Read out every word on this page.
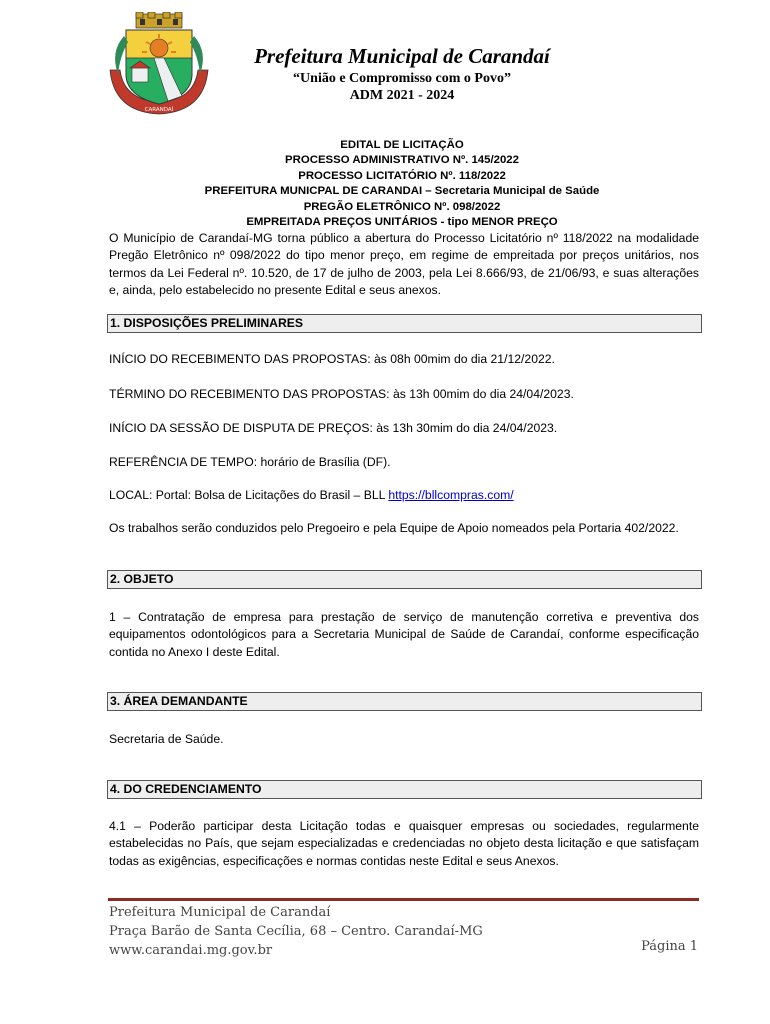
CARANDAÍ
Prefeitura Municipal de Carandaí
“União e Compromisso com o Povo”
ADM 2021 - 2024
EDITAL DE LICITAÇÃO
PROCESSO ADMINISTRATIVO Nº. 145/2022
PROCESSO LICITATÓRIO Nº. 118/2022
PREFEITURA MUNICPAL DE CARANDAI – Secretaria Municipal de Saúde
PREGÃO ELETRÔNICO Nº. 098/2022
EMPREITADA PREÇOS UNITÁRIOS - tipo MENOR PREÇO
O Município de Carandaí-MG torna público a abertura do Processo Licitatório nº 118/2022 na modalidade Pregão Eletrônico nº 098/2022 do tipo menor preço, em regime de empreitada por preços unitários, nos termos da Lei Federal nº. 10.520, de 17 de julho de 2003, pela Lei 8.666/93, de 21/06/93, e suas alterações e, ainda, pelo estabelecido no presente Edital e seus anexos.
1. DISPOSIÇÕES PRELIMINARES
INÍCIO DO RECEBIMENTO DAS PROPOSTAS: às 08h 00mim do dia 21/12/2022.
TÉRMINO DO RECEBIMENTO DAS PROPOSTAS: às 13h 00mim do dia 24/04/2023.
INÍCIO DA SESSÃO DE DISPUTA DE PREÇOS: às 13h 30mim do dia 24/04/2023.
REFERÊNCIA DE TEMPO: horário de Brasília (DF).
LOCAL: Portal: Bolsa de Licitações do Brasil – BLL https://bllcompras.com/
Os trabalhos serão conduzidos pelo Pregoeiro e pela Equipe de Apoio nomeados pela Portaria 402/2022.
2. OBJETO
1 – Contratação de empresa para prestação de serviço de manutenção corretiva e preventiva dos equipamentos odontológicos para a Secretaria Municipal de Saúde de Carandaí, conforme especificação contida no Anexo I deste Edital.
3. ÁREA DEMANDANTE
Secretaria de Saúde.
4. DO CREDENCIAMENTO
4.1 – Poderão participar desta Licitação todas e quaisquer empresas ou sociedades, regularmente estabelecidas no País, que sejam especializadas e credenciadas no objeto desta licitação e que satisfaçam todas as exigências, especificações e normas contidas neste Edital e seus Anexos.
Prefeitura Municipal de Carandaí
Praça Barão de Santa Cecília, 68 – Centro. Carandaí-MG
www.carandai.mg.gov.br	Página 1
